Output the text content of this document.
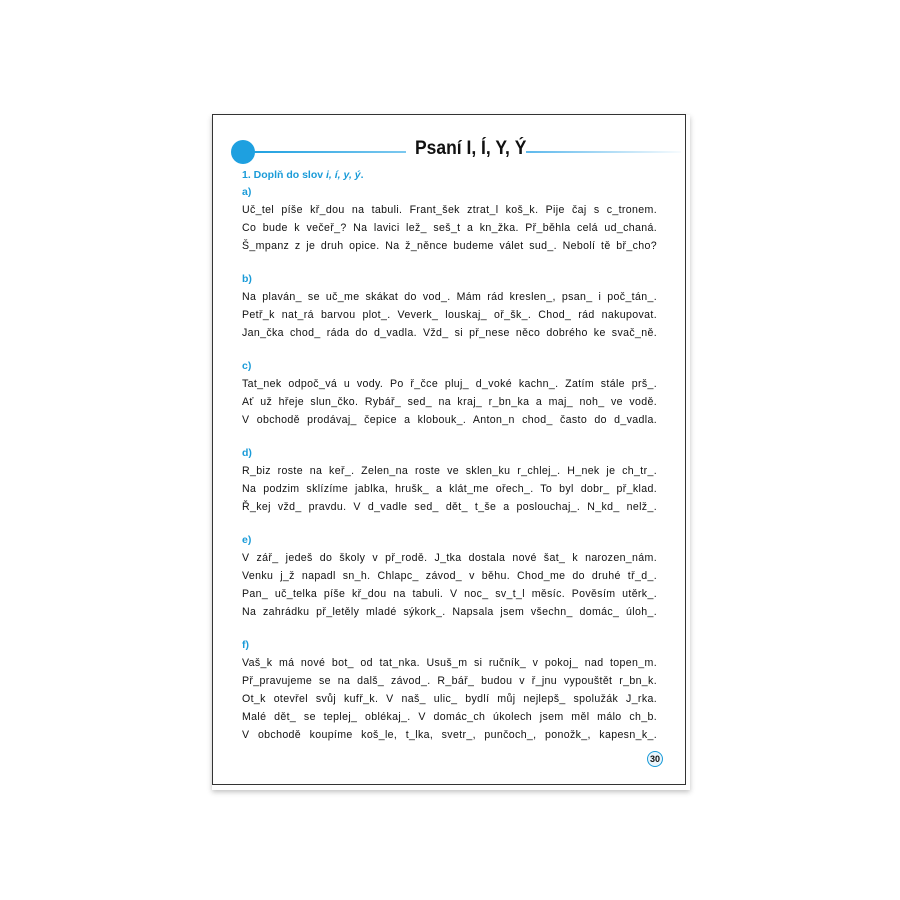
Psaní I, Í, Y, Ý
1. Doplň do slov i, í, y, ý.
a)
Uč_tel píše kř_dou na tabuli. Frant_šek ztrat_l koš_k. Pije čaj s c_tronem.
Co bude k večeř_? Na lavici lež_ seš_t a kn_žka. Př_běhla celá ud_chaná.
Š_mpanz z je druh opice. Na ž_něnce budeme válet sud_. Nebolí tě bř_cho?
b)
Na plaván_ se uč_me skákat do vod_. Mám rád kreslen_, psan_ i poč_tán_.
Petř_k nat_rá barvou plot_. Veverk_ louskaj_ oř_šk_. Chod_ rád nakupovat.
Jan_čka chod_ ráda do d_vadla. Vžd_ si př_nese něco dobrého ke svač_ně.
c)
Tat_nek odpoč_vá u vody. Po ř_čce pluj_ d_voké kachn_. Zatím stále prš_.
Ať už hřeje slun_čko. Rybář_ sed_ na kraj_ r_bn_ka a maj_ noh_ ve vodě.
V obchodě prodávaj_ čepice a klobouk_. Anton_n chod_ často do d_vadla.
d)
R_biz roste na keř_. Zelen_na roste ve sklen_ku r_chlej_. H_nek je ch_tr_.
Na podzim sklízíme jablka, hrušk_ a klát_me ořech_. To byl dobr_ př_klad.
Ř_kej vžd_ pravdu. V d_vadle sed_ dět_ t_še a poslouchaj_. N_kd_ nelž_.
e)
V zář_ jedeš do školy v př_rodě. J_tka dostala nové šat_ k narozen_nám.
Venku j_ž napadl sn_h. Chlapc_ závod_ v běhu. Chod_me do druhé tř_d_.
Pan_ uč_telka píše kř_dou na tabuli. V noc_ sv_t_l měsíc. Pověsím utěrk_.
Na zahrádku př_letěly mladé sýkork_. Napsala jsem všechn_ domác_ úloh_.
f)
Vaš_k má nové bot_ od tat_nka. Usuš_m si ručník_ v pokoj_ nad topen_m.
Př_pravujeme se na dalš_ závod_. R_bář_ budou v ř_jnu vypouštět r_bn_k.
Ot_k otevřel svůj kufř_k. V naš_ ulic_ bydlí můj nejlepš_ spolužák J_rka.
Malé dět_ se teplej_ oblékaj_. V domác_ch úkolech jsem měl málo ch_b.
V obchodě koupíme koš_le, t_lka, svetr_, punčoch_, ponožk_, kapesn_k_.
30
